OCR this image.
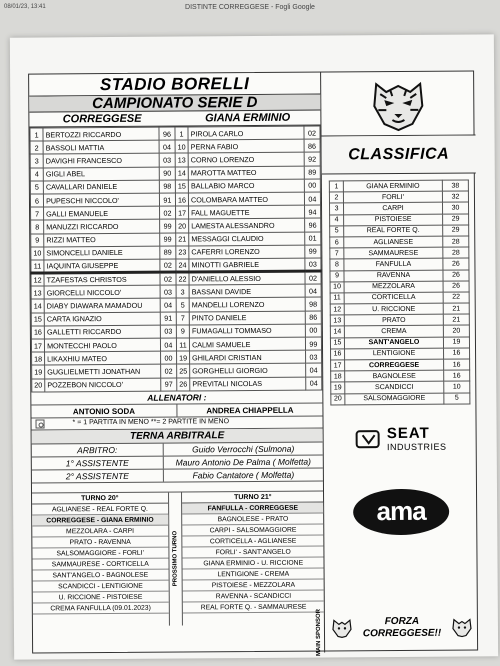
08/01/23, 13:41	DISTINTE CORREGGESE - Fogli Google
STADIO BORELLI
CAMPIONATO SERIE D
CORREGGESE	GIANA ERMINIO
1	BERTOZZI RICCARDO	96	1	PIROLA CARLO	02
2	BASSOLI MATTIA	04	10	PERNA FABIO	86
3	DAVIGHI FRANCESCO	03	13	CORNO LORENZO	92
4	GIGLI ABEL	90	14	MAROTTA MATTEO	89
5	CAVALLARI DANIELE	98	15	BALLABIO MARCO	00
6	PUPESCHI NICCOLO'	91	16	COLOMBARA MATTEO	04
7	GALLI EMANUELE	02	17	FALL MAGUETTE	94
8	MANUZZI RICCARDO	99	20	LAMESTA ALESSANDRO	96
9	RIZZI MATTEO	99	21	MESSAGGI CLAUDIO	01
10	SIMONCELLI DANIELE	89	23	CAFERRI LORENZO	99
11	IAQUINTA GIUSEPPE	02	24	MINOTTI GABRIELE	03
12	TZAFESTAS CHRISTOS	02	22	D'ANIELLO ALESSIO	02
13	GIORCELLI NICCOLO'	03	3	BASSANI DAVIDE	04
14	DIABY DIAWARA MAMADOU	04	5	MANDELLI LORENZO	98
15	CARTA IGNAZIO	91	7	PINTO DANIELE	86
16	GALLETTI RICCARDO	03	9	FUMAGALLI TOMMASO	00
17	MONTECCHI PAOLO	04	11	CALMI SAMUELE	99
18	LIKAXHIU MATEO	00	19	GHILARDI CRISTIAN	03
19	GUGLIELMETTI JONATHAN	02	25	GORGHELLI GIORGIO	04
20	POZZEBON NICCOLO'	97	26	PREVITALI NICOLAS	04
ALLENATORI :
ANTONIO SODA	ANDREA CHIAPPELLA
* = 1 PARTITA IN MENO **= 2 PARTITE IN MENO
TERNA ARBITRALE
ARBITRO:	Guido Verrocchi (Sulmona)
1° ASSISTENTE	Mauro Antonio De Palma ( Molfetta)
2° ASSISTENTE	Fabio Cantatore ( Molfetta)
TURNO 20°
AGLIANESE - REAL FORTE Q.
CORREGGESE - GIANA ERMINIO
MEZZOLARA - CARPI
PRATO - RAVENNA
SALSOMAGGIORE - FORLI'
SAMMAURESE - CORTICELLA
SANT'ANGELO - BAGNOLESE
SCANDICCI - LENTIGIONE
U. RICCIONE - PISTOIESE
CREMA FANFULLA (09.01.2023)
PROSSIMO TURNO
TURNO 21°
FANFULLA - CORREGGESE
BAGNOLESE - PRATO
CARPI - SALSOMAGGIORE
CORTICELLA - AGLIANESE
FORLI' - SANT'ANGELO
GIANA ERMINIO - U. RICCIONE
LENTIGIONE - CREMA
PISTOIESE - MEZZOLARA
RAVENNA - SCANDICCI
REAL FORTE Q. - SAMMAURESE
CLASSIFICA
1	GIANA ERMINIO	38
2	FORLI'	32
3	CARPI	30
4	PISTOIESE	29
5	REAL FORTE Q.	29
6	AGLIANESE	28
7	SAMMAURESE	28
8	FANFULLA	26
9	RAVENNA	26
10	MEZZOLARA	26
11	CORTICELLA	22
12	U. RICCIONE	21
13	PRATO	21
14	CREMA	20
15	SANT'ANGELO	19
16	LENTIGIONE	16
17	CORREGGESE	16
18	BAGNOLESE	16
19	SCANDICCI	10
20	SALSOMAGGIORE	5
SEAT
INDUSTRIES
MAIN SPONSOR
ama
FORZA
CORREGGESE!!
